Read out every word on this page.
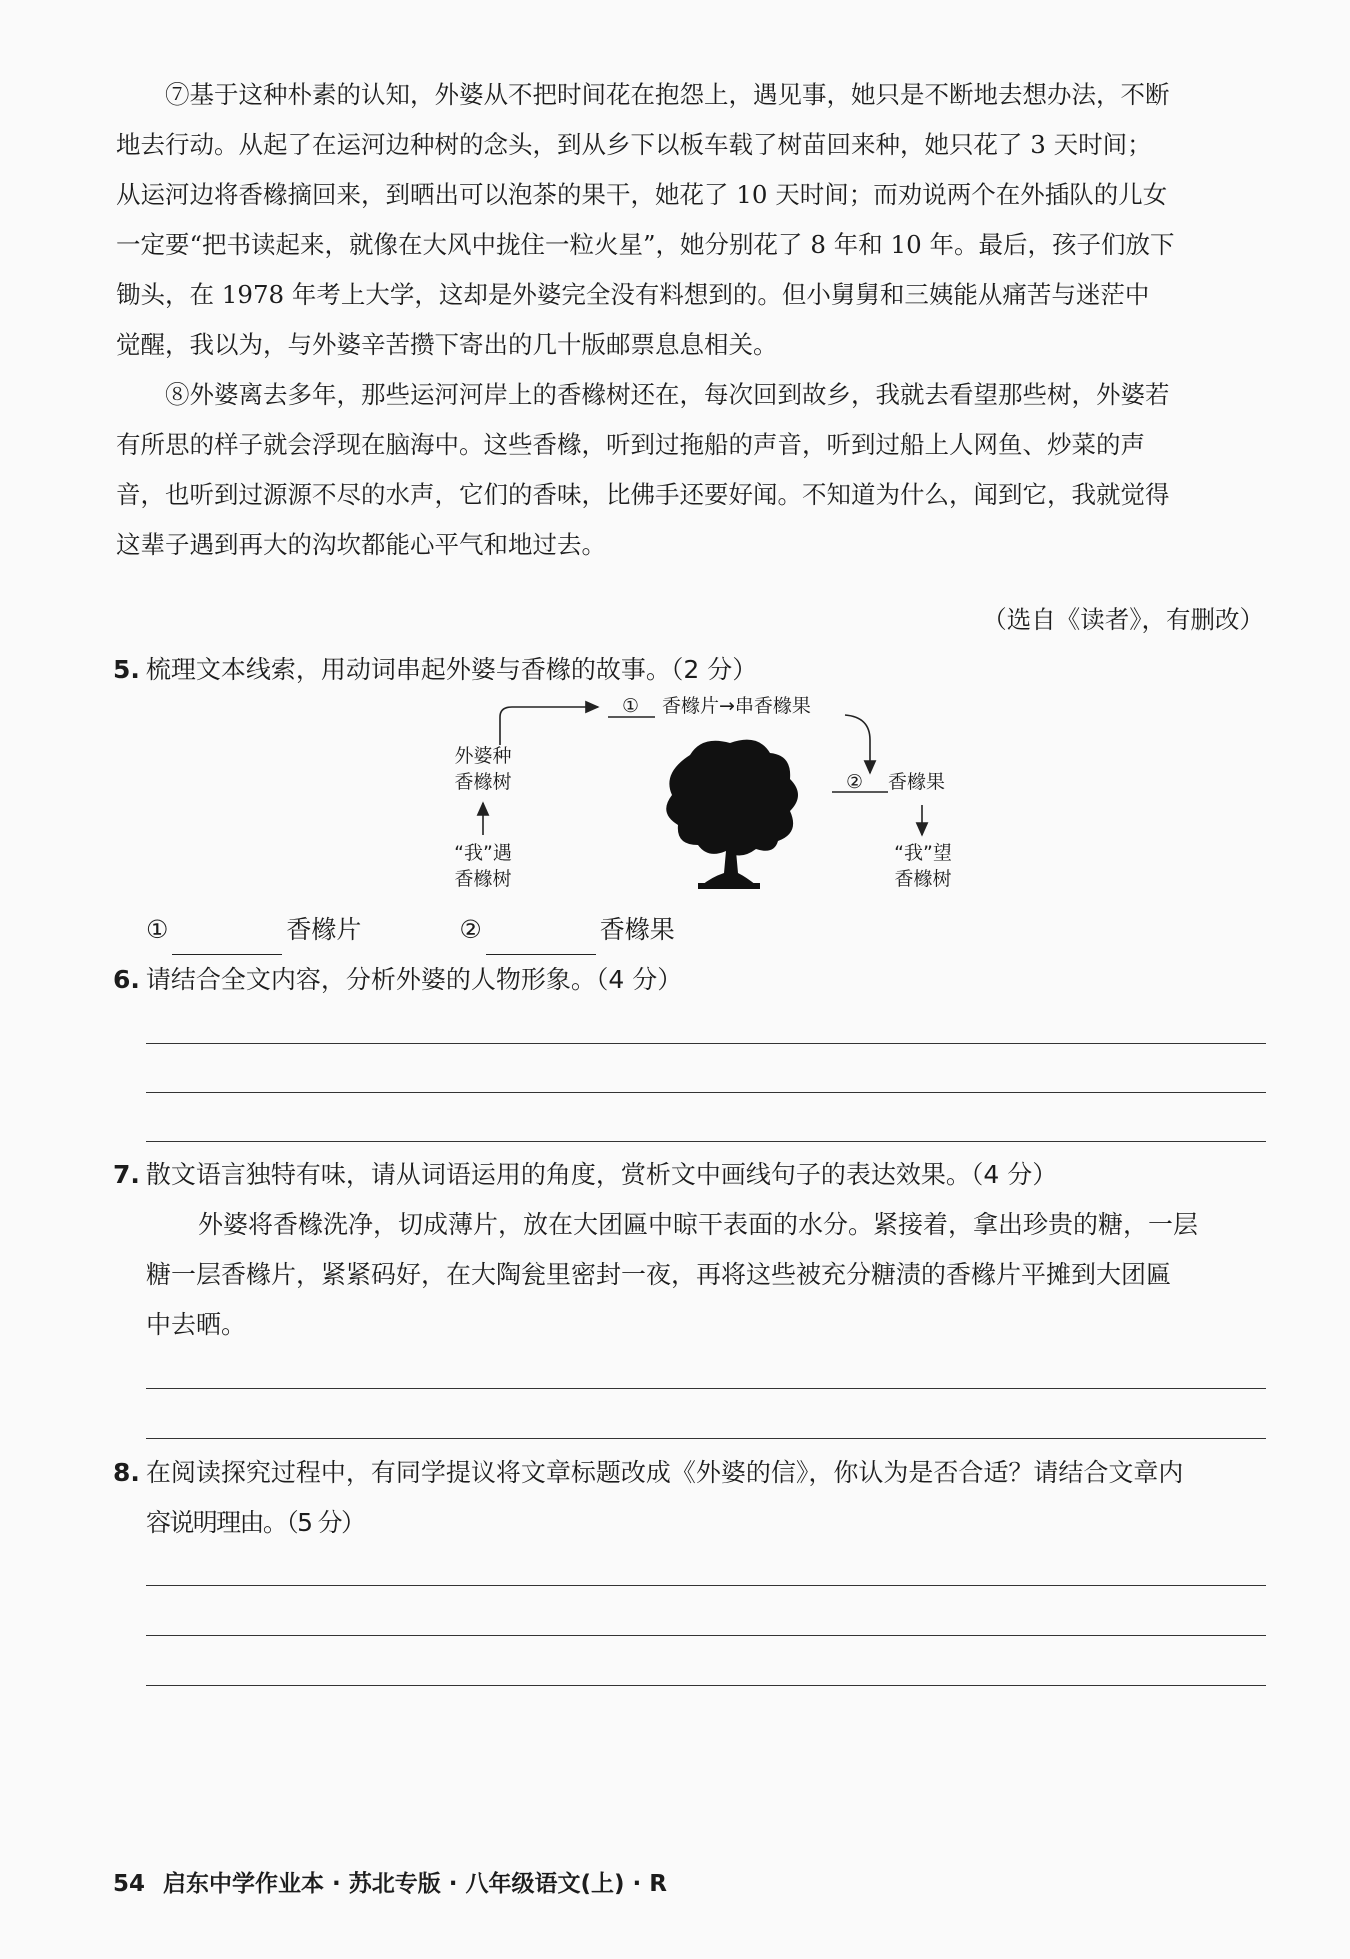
⑦基于这种朴素的认知，外婆从不把时间花在抱怨上，遇见事，她只是不断地去想办法，不断
地去行动。从起了在运河边种树的念头，到从乡下以板车载了树苗回来种，她只花了 3 天时间；
从运河边将香橼摘回来，到晒出可以泡茶的果干，她花了 10 天时间；而劝说两个在外插队的儿女
一定要“把书读起来，就像在大风中拢住一粒火星”，她分别花了 8 年和 10 年。最后，孩子们放下
锄头，在 1978 年考上大学，这却是外婆完全没有料想到的。但小舅舅和三姨能从痛苦与迷茫中
觉醒，我以为，与外婆辛苦攒下寄出的几十版邮票息息相关。
⑧外婆离去多年，那些运河河岸上的香橼树还在，每次回到故乡，我就去看望那些树，外婆若
有所思的样子就会浮现在脑海中。这些香橼，听到过拖船的声音，听到过船上人网鱼、炒菜的声
音，也听到过源源不尽的水声，它们的香味，比佛手还要好闻。不知道为什么，闻到它，我就觉得
这辈子遇到再大的沟坎都能心平气和地过去。
（选自《读者》，有删改）
5. 梳理文本线索，用动词串起外婆与香橼的故事。（2 分）
外婆种
香橼树
“我”遇
香橼树
① 香橼片→串香橼果
② 香橼果
“我”望
香橼树
①	香橼片	②	香橼果
6. 请结合全文内容，分析外婆的人物形象。（4 分）
7. 散文语言独特有味，请从词语运用的角度，赏析文中画线句子的表达效果。（4 分）
外婆将香橼洗净，切成薄片，放在大团匾中晾干表面的水分。紧接着，拿出珍贵的糖，一层
糖一层香橼片，紧紧码好，在大陶瓮里密封一夜，再将这些被充分糖渍的香橼片平摊到大团匾
中去晒。
8. 在阅读探究过程中，有同学提议将文章标题改成《外婆的信》，你认为是否合适？请结合文章内
容说明理由。（5 分）
54 启东中学作业本 · 苏北专版 · 八年级语文(上) · R
